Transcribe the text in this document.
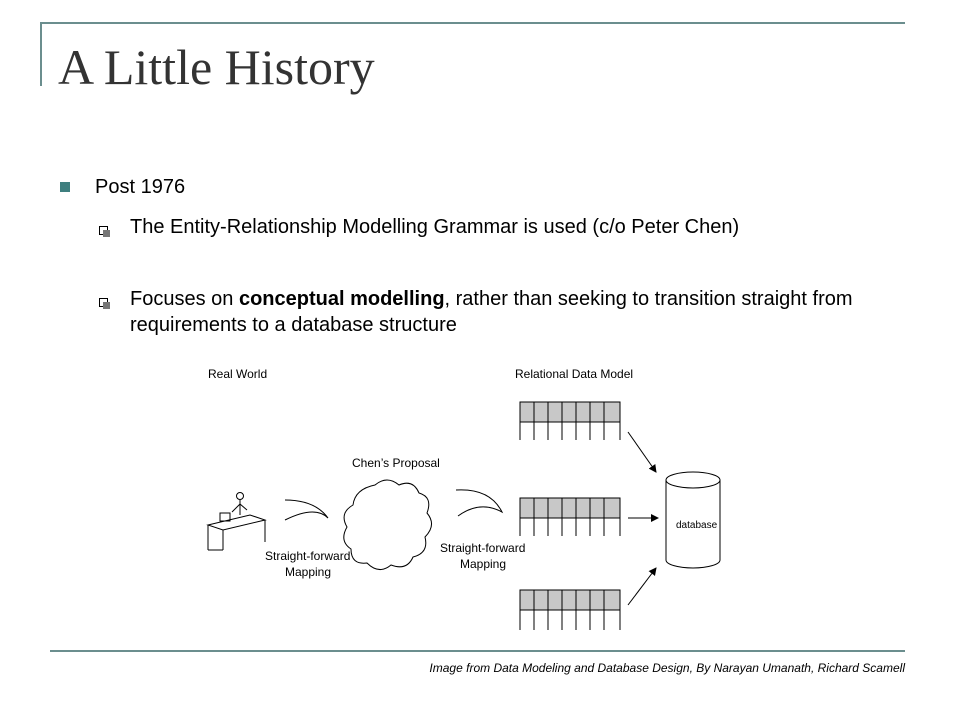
A Little History
Post 1976
The Entity-Relationship Modelling Grammar is used (c/o Peter Chen)
Focuses on conceptual modelling, rather than seeking to transition straight from requirements to a database structure
Real World	Relational Data Model
Chen’s Proposal
Straight-forward
Mapping
Straight-forward
Mapping
database
Image from Data Modeling and Database Design, By Narayan Umanath, Richard Scamell
